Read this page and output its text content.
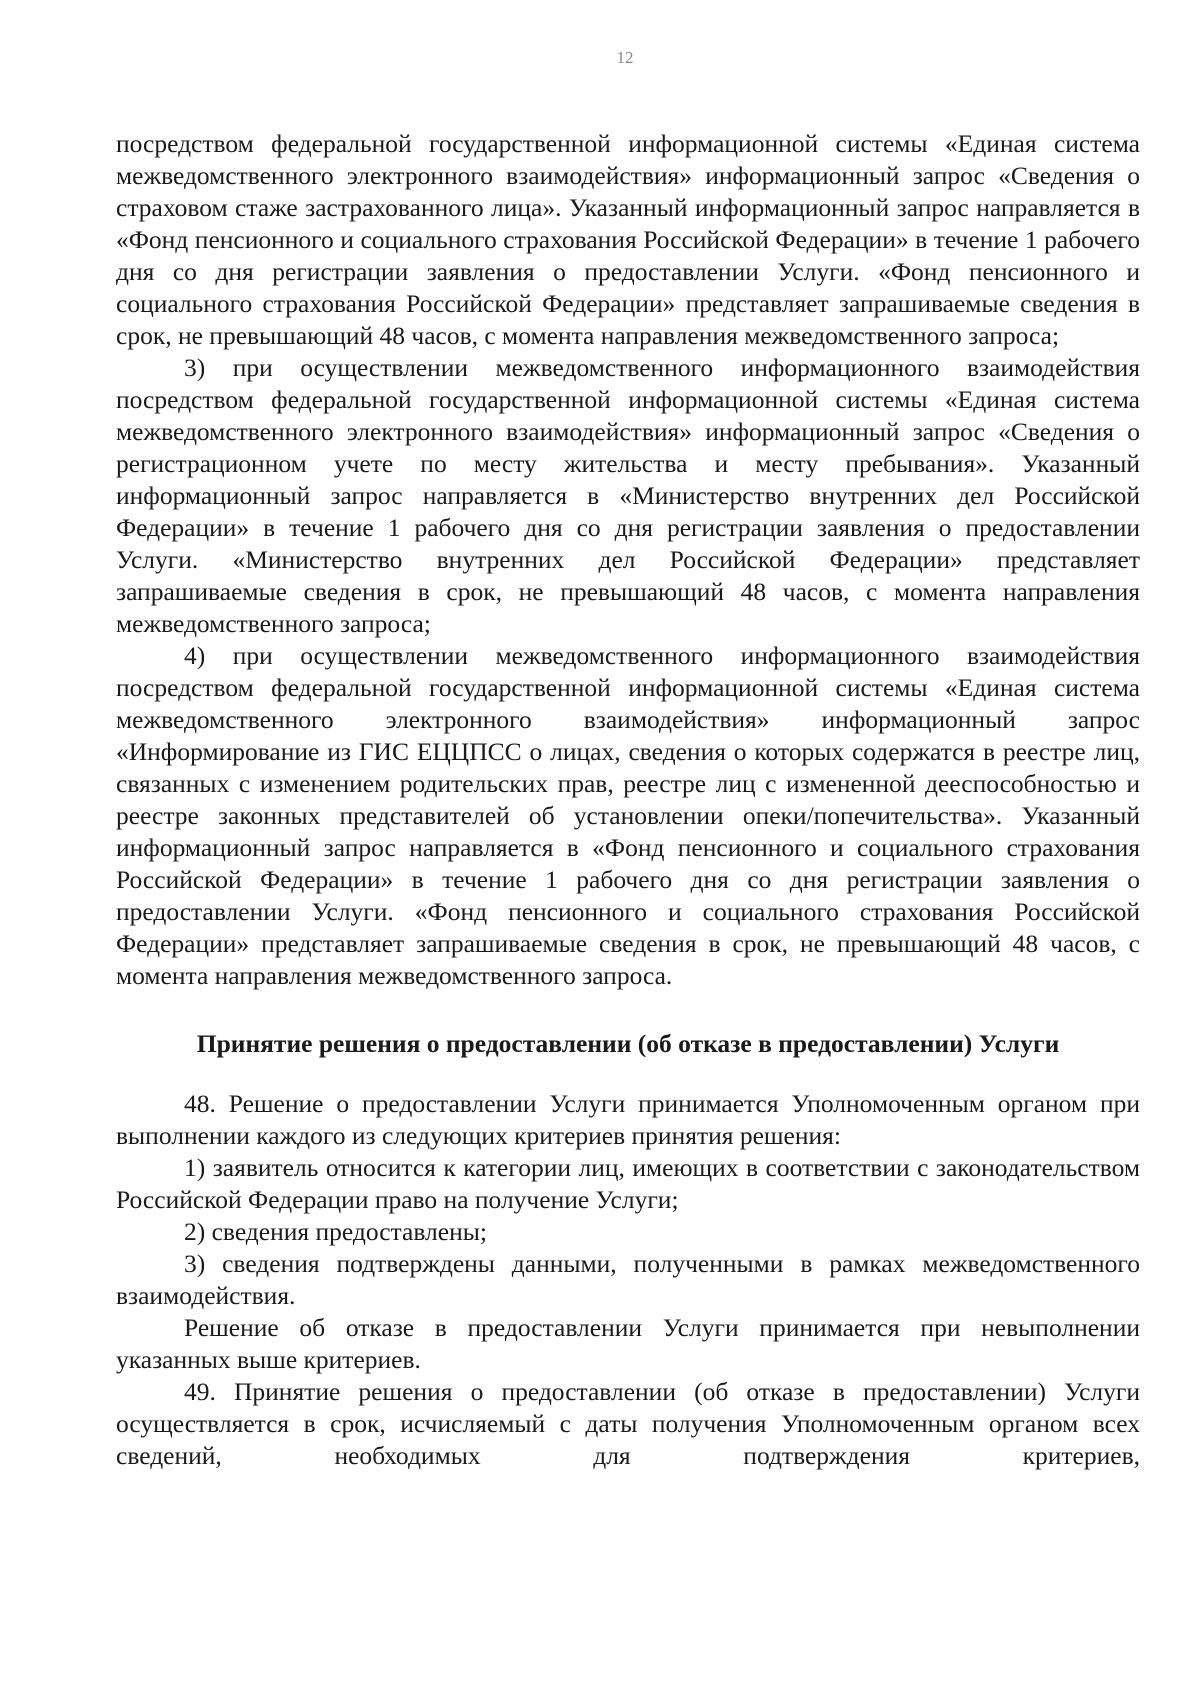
12

посредством федеральной государственной информационной системы «Единая система межведомственного электронного взаимодействия» информационный запрос «Сведения о страховом стаже застрахованного лица». Указанный информационный запрос направляется в «Фонд пенсионного и социального страхования Российской Федерации» в течение 1 рабочего дня со дня регистрации заявления о предоставлении Услуги. «Фонд пенсионного и социального страхования Российской Федерации» представляет запрашиваемые сведения в срок, не превышающий 48 часов, с момента направления межведомственного запроса;

3) при осуществлении межведомственного информационного взаимодействия посредством федеральной государственной информационной системы «Единая система межведомственного электронного взаимодействия» информационный запрос «Сведения о регистрационном учете по месту жительства и месту пребывания». Указанный информационный запрос направляется в «Министерство внутренних дел Российской Федерации» в течение 1 рабочего дня со дня регистрации заявления о предоставлении Услуги. «Министерство внутренних дел Российской Федерации» представляет запрашиваемые сведения в срок, не превышающий 48 часов, с момента направления межведомственного запроса;

4) при осуществлении межведомственного информационного взаимодействия посредством федеральной государственной информационной системы «Единая система межведомственного электронного взаимодействия» информационный запрос «Информирование из ГИС ЕЦЦПСС о лицах, сведения о которых содержатся в реестре лиц, связанных с изменением родительских прав, реестре лиц с измененной дееспособностью и реестре законных представителей об установлении опеки/попечительства». Указанный информационный запрос направляется в «Фонд пенсионного и социального страхования Российской Федерации» в течение 1 рабочего дня со дня регистрации заявления о предоставлении Услуги. «Фонд пенсионного и социального страхования Российской Федерации» представляет запрашиваемые сведения в срок, не превышающий 48 часов, с момента направления межведомственного запроса.

Принятие решения о предоставлении (об отказе в предоставлении) Услуги

48. Решение о предоставлении Услуги принимается Уполномоченным органом при выполнении каждого из следующих критериев принятия решения:

1) заявитель относится к категории лиц, имеющих в соответствии с законодательством Российской Федерации право на получение Услуги;

2) сведения предоставлены;

3) сведения подтверждены данными, полученными в рамках межведомственного взаимодействия.

Решение об отказе в предоставлении Услуги принимается при невыполнении указанных выше критериев.

49. Принятие решения о предоставлении (об отказе в предоставлении) Услуги осуществляется в срок, исчисляемый с даты получения Уполномоченным органом всех сведений, необходимых для подтверждения критериев,
